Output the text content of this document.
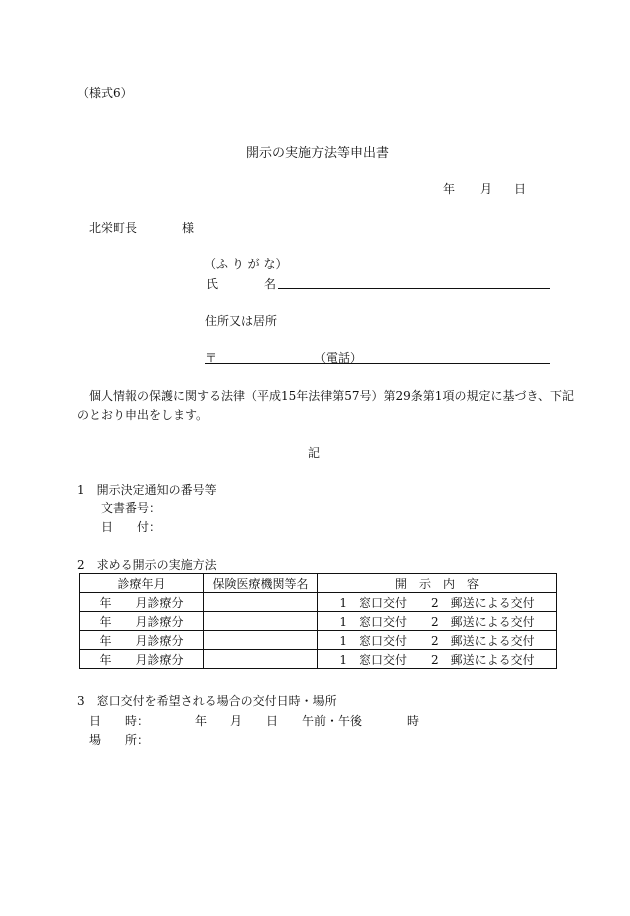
（様式6）
開示の実施方法等申出書
年 月 日
北栄町長	様
（ふ り が な）
氏	名
住所又は居所
〒	（電話）
個人情報の保護に関する法律（平成15年法律第57号）第29条第1項の規定に基づき、下記
のとおり申出をします。
記
1　開示決定通知の番号等
文書番号：
日　　付：
2　求める開示の実施方法
診療年月	保険医療機関等名	開　示　内　容
年　　月診療分		1　窓口交付　　2　郵送による交付
年　　月診療分		1　窓口交付　　2　郵送による交付
年　　月診療分		1　窓口交付　　2　郵送による交付
年　　月診療分		1　窓口交付　　2　郵送による交付
3　窓口交付を希望される場合の交付日時・場所
日　　時：	年 月 日 午前・午後	時
場　　所：
